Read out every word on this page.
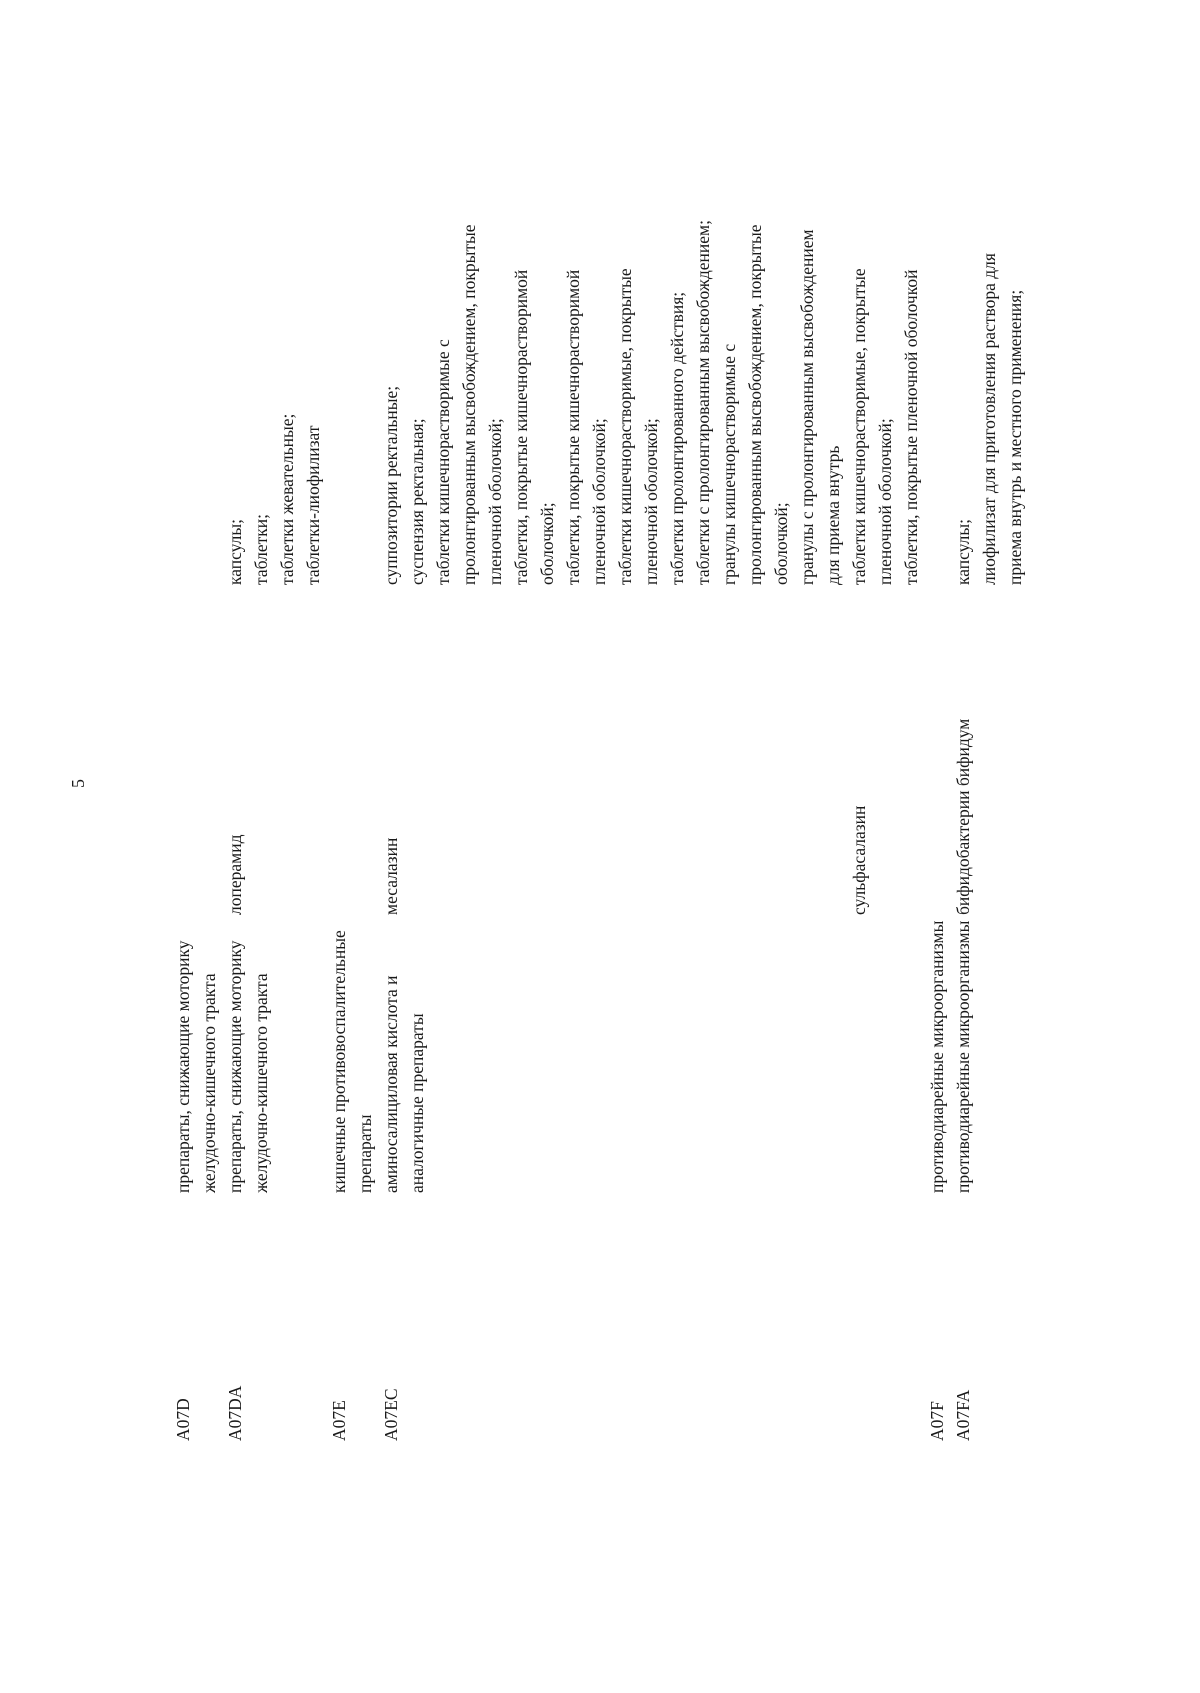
5
A07D
препараты, снижающие моторику желудочно-кишечного тракта
A07DA
препараты, снижающие моторику желудочно-кишечного тракта
лоперамид
капсулы; таблетки; таблетки жевательные; таблетки-лиофилизат
A07E
кишечные противовоспалительные препараты
A07EC
аминосалициловая кислота и аналогичные препараты
месалазин
суппозитории ректальные; суспензия ректальная; таблетки кишечнорастворимые с пролонгированным высвобождением, покрытые пленочной оболочкой; таблетки, покрытые кишечнорастворимой оболочкой; таблетки, покрытые кишечнорастворимой пленочной оболочкой; таблетки кишечнорастворимые, покрытые пленочной оболочкой; таблетки пролонгированного действия; таблетки с пролонгированным высвобождением; гранулы кишечнорастворимые с пролонгированным высвобождением, покрытые оболочкой; гранулы с пролонгированным высвобождением для приема внутрь
сульфасалазин
таблетки кишечнорастворимые, покрытые пленочной оболочкой; таблетки, покрытые пленочной оболочкой
A07F
противодиарейные микроорганизмы
A07FA
противодиарейные микроорганизмы
бифидобактерии бифидум
капсулы; лиофилизат для приготовления раствора для приема внутрь и местного применения;
